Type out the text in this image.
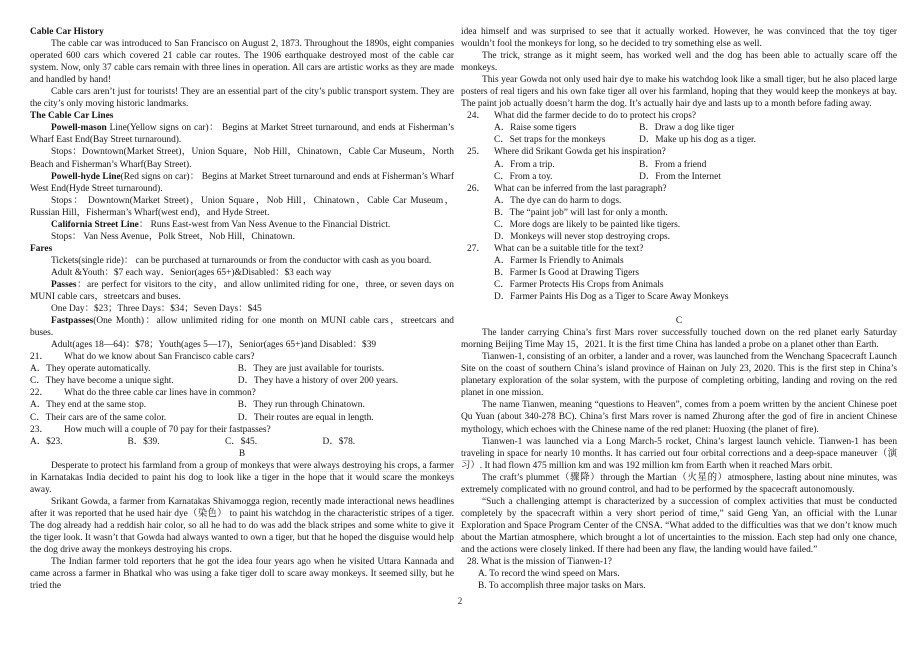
Cable Car History
The cable car was introduced to San Francisco on August 2, 1873. Throughout the 1890s, eight companies operated 600 cars which covered 21 cable car routes. The 1906 earthquake destroyed most of the cable car system. Now, only 37 cable cars remain with three lines in operation. All cars are artistic works as they are made and handled by hand!
Cable cars aren’t just for tourists! They are an essential part of the city’s public transport system. They are the city’s only moving historic landmarks.
The Cable Car Lines
Powell-mason Line(Yellow signs on car)： Begins at Market Street turnaround, and ends at Fisherman’s Wharf East End(Bay Street turnaround).
Stops：Downtown(Market Street)，Union Square，Nob Hill，Chinatown，Cable Car Museum，North Beach and Fisherman’s Wharf(Bay Street).
Powell-hyde Line(Red signs on car)： Begins at Market Street turnaround and ends at Fisherman’s Wharf West End(Hyde Street turnaround).
Stops： Downtown(Market Street)，Union Square，Nob Hill，Chinatown，Cable Car Museum，Russian Hill，Fisherman’s Wharf(west end)，and Hyde Street.
California Street Line： Runs East-west from Van Ness Avenue to the Financial District.
Stops： Van Ness Avenue，Polk Street，Nob Hill，Chinatown.
Fares
Tickets(single ride)： can be purchased at turnarounds or from the conductor with cash as you board.
Adult &Youth：$7 each way．Senior(ages 65+)&Disabled：$3 each way
Passes：are perfect for visitors to the city，and allow unlimited riding for one，three, or seven days on MUNI cable cars，streetcars and buses.
One Day：$23；Three Days：$34；Seven Days：$45
Fastpasses(One Month)：allow unlimited riding for one month on MUNI cable cars，streetcars and buses.
Adult(ages 18—64)：$78；Youth(ages 5—17)，Senior(ages 65+)and Disabled：$39
21． What do we know about San Francisco cable cars?
A．They operate automatically.	B．They are just available for tourists.
C．They have become a unique sight.	D．They have a history of over 200 years.
22． What do the three cable car lines have in common?
A．They end at the same stop.	B．They run through Chinatown.
C．Their cars are of the same color.	D．Their routes are equal in length.
23． How much will a couple of 70 pay for their fastpasses?
A．$23.	B．$39.	C．$45.	D．$78.
B
Desperate to protect his farmland from a group of monkeys that were always destroying his crops, a farmer in Karnatakas India decided to paint his dog to look like a tiger in the hope that it would scare the monkeys away.
Srikant Gowda, a farmer from Karnatakas Shivamogga region, recently made interactional news headlines after it was reported that he used hair dye（染色） to paint his watchdog in the characteristic stripes of a tiger. The dog already had a reddish hair color, so all he had to do was add the black stripes and some white to give it the tiger look. It wasn’t that Gowda had always wanted to own a tiger, but that he hoped the disguise would help the dog drive away the monkeys destroying his crops.
The Indian farmer told reporters that he got the idea four years ago when he visited Uttara Kannada and came across a farmer in Bhatkal who was using a fake tiger doll to scare away monkeys. It seemed silly, but he tried the
idea himself and was surprised to see that it actually worked. However, he was convinced that the toy tiger wouldn’t fool the monkeys for long, so he decided to try something else as well.
The trick, strange as it might seem, has worked well and the dog has been able to actually scare off the monkeys.
This year Gowda not only used hair dye to make his watchdog look like a small tiger, but he also placed large posters of real tigers and his own fake tiger all over his farmland, hoping that they would keep the monkeys at bay. The paint job actually doesn’t harm the dog. It’s actually hair dye and lasts up to a month before fading away.
24． What did the farmer decide to do to protect his crops?
A．Raise some tigers	B．Draw a dog like tiger
C．Set traps for the monkeys	D．Make up his dog as a tiger.
25． Where did Srikant Gowda get his inspiration?
A．From a trip.	B．From a friend
C．From a toy.	D．From the Internet
26． What can be inferred from the last paragraph?
A．The dye can do harm to dogs.
B．The “paint job” will last for only a month.
C．More dogs are likely to be painted like tigers.
D．Monkeys will never stop destroying crops.
27． What can be a suitable title for the text?
A．Farmer Is Friendly to Animals
B．Farmer Is Good at Drawing Tigers
C．Farmer Protects His Crops from Animals
D．Farmer Paints His Dog as a Tiger to Scare Away Monkeys
C
The lander carrying China’s first Mars rover successfully touched down on the red planet early Saturday morning Beijing Time May 15，2021. It is the first time China has landed a probe on a planet other than Earth.
Tianwen-1, consisting of an orbiter, a lander and a rover, was launched from the Wenchang Spacecraft Launch Site on the coast of southern China’s island province of Hainan on July 23, 2020. This is the first step in China’s planetary exploration of the solar system, with the purpose of completing orbiting, landing and roving on the red planet in one mission.
The name Tianwen, meaning “questions to Heaven”, comes from a poem written by the ancient Chinese poet Qu Yuan (about 340-278 BC). China’s first Mars rover is named Zhurong after the god of fire in ancient Chinese mythology, which echoes with the Chinese name of the red planet: Huoxing (the planet of fire).
Tianwen-1 was launched via a Long March-5 rocket, China’s largest launch vehicle. Tianwen-1 has been traveling in space for nearly 10 months. It has carried out four orbital corrections and a deep-space maneuver（演习）. It had flown 475 million km and was 192 million km from Earth when it reached Mars orbit.
The craft’s plummet（骤降）through the Martian（火星的）atmosphere, lasting about nine minutes, was extremely complicated with no ground control, and had to be performed by the spacecraft autonomously.
“Such a challenging attempt is characterized by a succession of complex activities that must be conducted completely by the spacecraft within a very short period of time,” said Geng Yan, an official with the Lunar Exploration and Space Program Center of the CNSA. “What added to the difficulties was that we don’t know much about the Martian atmosphere, which brought a lot of uncertainties to the mission. Each step had only one chance, and the actions were closely linked. If there had been any flaw, the landing would have failed.”
28. What is the mission of Tianwen-1?
A. To record the wind speed on Mars.
B. To accomplish three major tasks on Mars.
2
